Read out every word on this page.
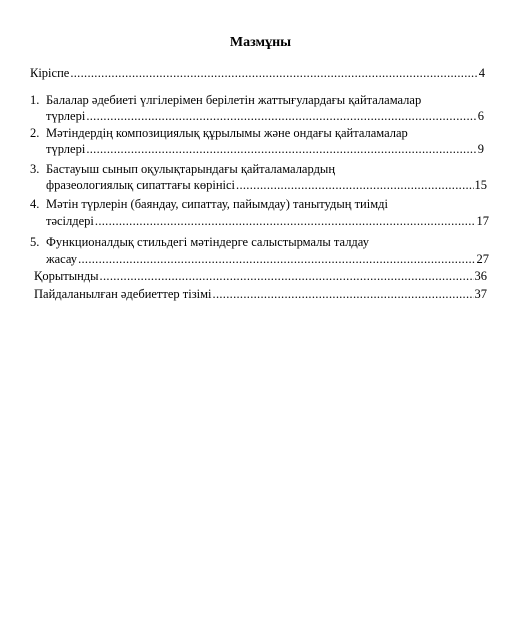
Мазмұны
Кіріспе .....	4
1. Балалар әдебиеті үлгілерімен берілетін жаттығулардағы қайталамалар
түрлері .....	6
2. Мәтіндердің композициялық құрылымы және ондағы қайталамалар
түрлері .....	9
3. Бастауыш сынып оқулықтарындағы қайталамалардың
фразеологиялық сипаттағы көрінісі .....	15
4. Мәтін түрлерін (баяндау, сипаттау, пайымдау) танытудың тиімді
тәсілдері .....	17
5. Функционалдық стильдегі мәтіндерге салыстырмалы талдау
жасау .....	27
Қорытынды .....	36
Пайдаланылған әдебиеттер тізімі .....	37
